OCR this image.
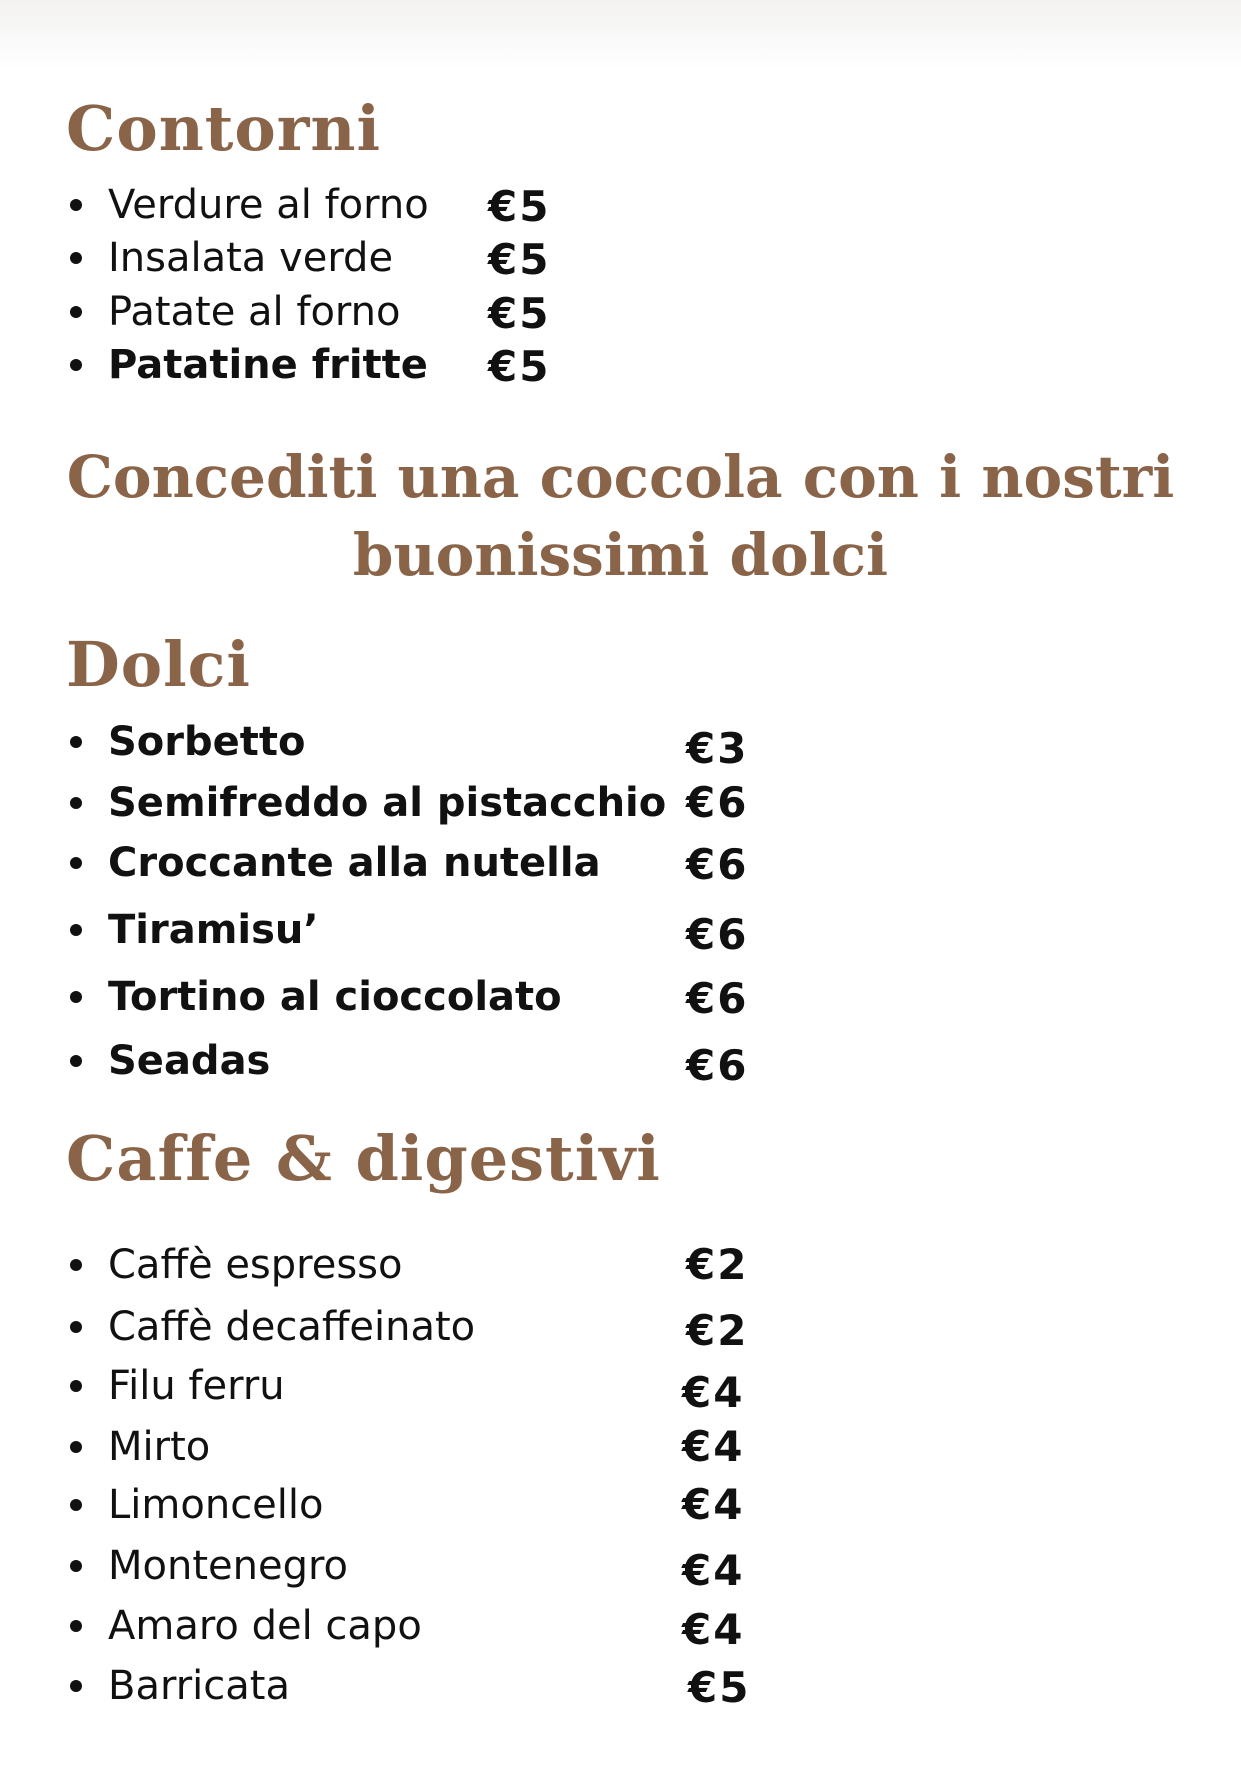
Contorni
Verdure al forno €5
Insalata verde €5
Patate al forno €5
Patatine fritte €5
Concediti una coccola con i nostri
buonissimi dolci
Dolci
Sorbetto	€3
Semifreddo al pistacchio €6
Croccante alla nutella €6
Tiramisu’	€6
Tortino al cioccolato	€6
Seadas	€6
Caffe & digestivi
Caffè espresso	€2
Caffè decaffeinato	€2
Filu ferru	€4
Mirto	€4
Limoncello	€4
Montenegro	€4
Amaro del capo	€4
Barricata	€5
